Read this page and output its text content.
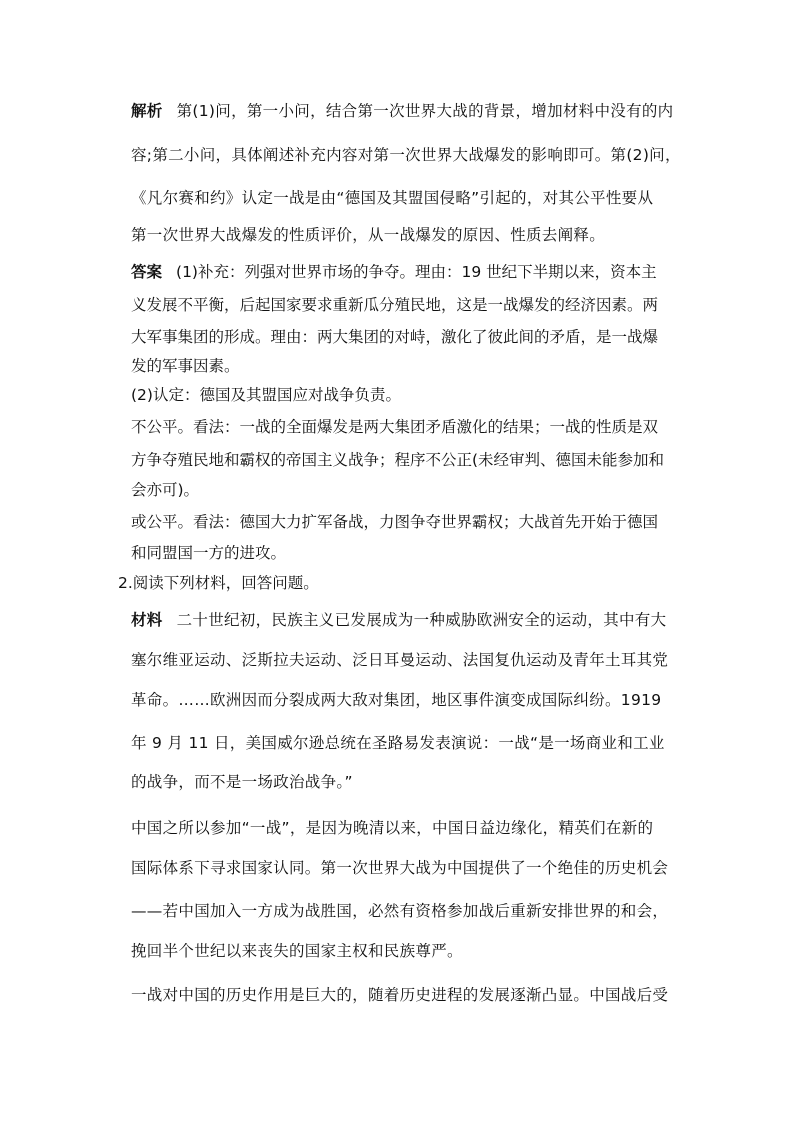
解析 第(1)问，第一小问，结合第一次世界大战的背景，增加材料中没有的内
容;第二小问，具体阐述补充内容对第一次世界大战爆发的影响即可。第(2)问，
《凡尔赛和约》认定一战是由“德国及其盟国侵略”引起的，对其公平性要从
第一次世界大战爆发的性质评价，从一战爆发的原因、性质去阐释。
答案 (1)补充：列强对世界市场的争夺。理由：19 世纪下半期以来，资本主
义发展不平衡，后起国家要求重新瓜分殖民地，这是一战爆发的经济因素。两
大军事集团的形成。理由：两大集团的对峙，激化了彼此间的矛盾，是一战爆
发的军事因素。
(2)认定：德国及其盟国应对战争负责。
不公平。看法：一战的全面爆发是两大集团矛盾激化的结果；一战的性质是双
方争夺殖民地和霸权的帝国主义战争；程序不公正(未经审判、德国未能参加和
会亦可)。
或公平。看法：德国大力扩军备战，力图争夺世界霸权；大战首先开始于德国
和同盟国一方的进攻。
2.阅读下列材料，回答问题。
材料 二十世纪初，民族主义已发展成为一种威胁欧洲安全的运动，其中有大
塞尔维亚运动、泛斯拉夫运动、泛日耳曼运动、法国复仇运动及青年土耳其党
革命。……欧洲因而分裂成两大敌对集团，地区事件演变成国际纠纷。1919
年 9 月 11 日，美国威尔逊总统在圣路易发表演说：一战“是一场商业和工业
的战争，而不是一场政治战争。”
中国之所以参加“一战”，是因为晚清以来，中国日益边缘化，精英们在新的
国际体系下寻求国家认同。第一次世界大战为中国提供了一个绝佳的历史机会
——若中国加入一方成为战胜国，必然有资格参加战后重新安排世界的和会，
挽回半个世纪以来丧失的国家主权和民族尊严。
一战对中国的历史作用是巨大的，随着历史进程的发展逐渐凸显。中国战后受
